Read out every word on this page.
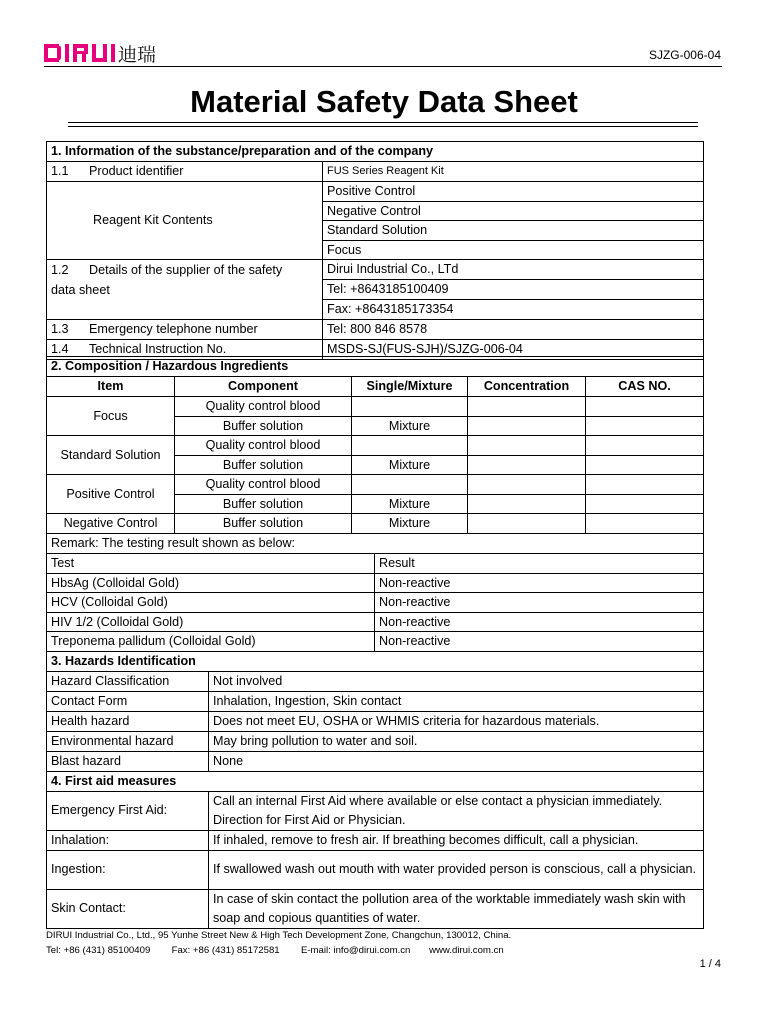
迪瑞	SJZG-006-04
Material Safety Data Sheet
1. Information of the substance/preparation and of the company	
1.1 Product identifier	FUS Series Reagent Kit
Reagent Kit Contents	Positive Control
	Negative Control
	Standard Solution
	Focus

1.2 Details of the supplier of the safety
data sheet	Dirui Industrial Co., LTd
	Tel: +8643185100409
	Fax: +8643185173354
1.3 Emergency telephone number	Tel: 800 846 8578
1.4 Technical Instruction No.	MSDS-SJ(FUS-SJH)/SJZG-006-04
2. Composition / Hazardous Ingredients				
Item	Component	Single/Mixture	Concentration	CAS NO.
Focus	Quality control blood			
	Buffer solution	Mixture		
Standard Solution	Quality control blood			
	Buffer solution	Mixture		
Positive Control	Quality control blood			
	Buffer solution	Mixture		
Negative Control	Buffer solution	Mixture		
Remark: The testing result shown as below:				
Test	Result
HbsAg (Colloidal Gold)	Non-reactive
HCV (Colloidal Gold)	Non-reactive
HIV 1/2 (Colloidal Gold)	Non-reactive
Treponema pallidum (Colloidal Gold)	Non-reactive
3. Hazards Identification	
Hazard Classification	Not involved
Contact Form	Inhalation, Ingestion, Skin contact
Health hazard	Does not meet EU, OSHA or WHMIS criteria for hazardous materials.
Environmental hazard	May bring pollution to water and soil.
Blast hazard	None
4. First aid measures	
Emergency First Aid:	Call an internal First Aid where available or else contact a physician immediately. Direction for First Aid or Physician.
Inhalation:	If inhaled, remove to fresh air. If breathing becomes difficult, call a physician.
Ingestion:	If swallowed wash out mouth with water provided person is conscious, call a physician.
Skin Contact:	In case of skin contact the pollution area of the worktable immediately wash skin with soap and copious quantities of water.
DIRUI Industrial Co., Ltd., 95 Yunhe Street New & High Tech Development Zone, Changchun, 130012, China.
Tel: +86 (431) 85100409 Fax: +86 (431) 85172581 E-mail: info@dirui.com.cn www.dirui.com.cn
1 / 4
